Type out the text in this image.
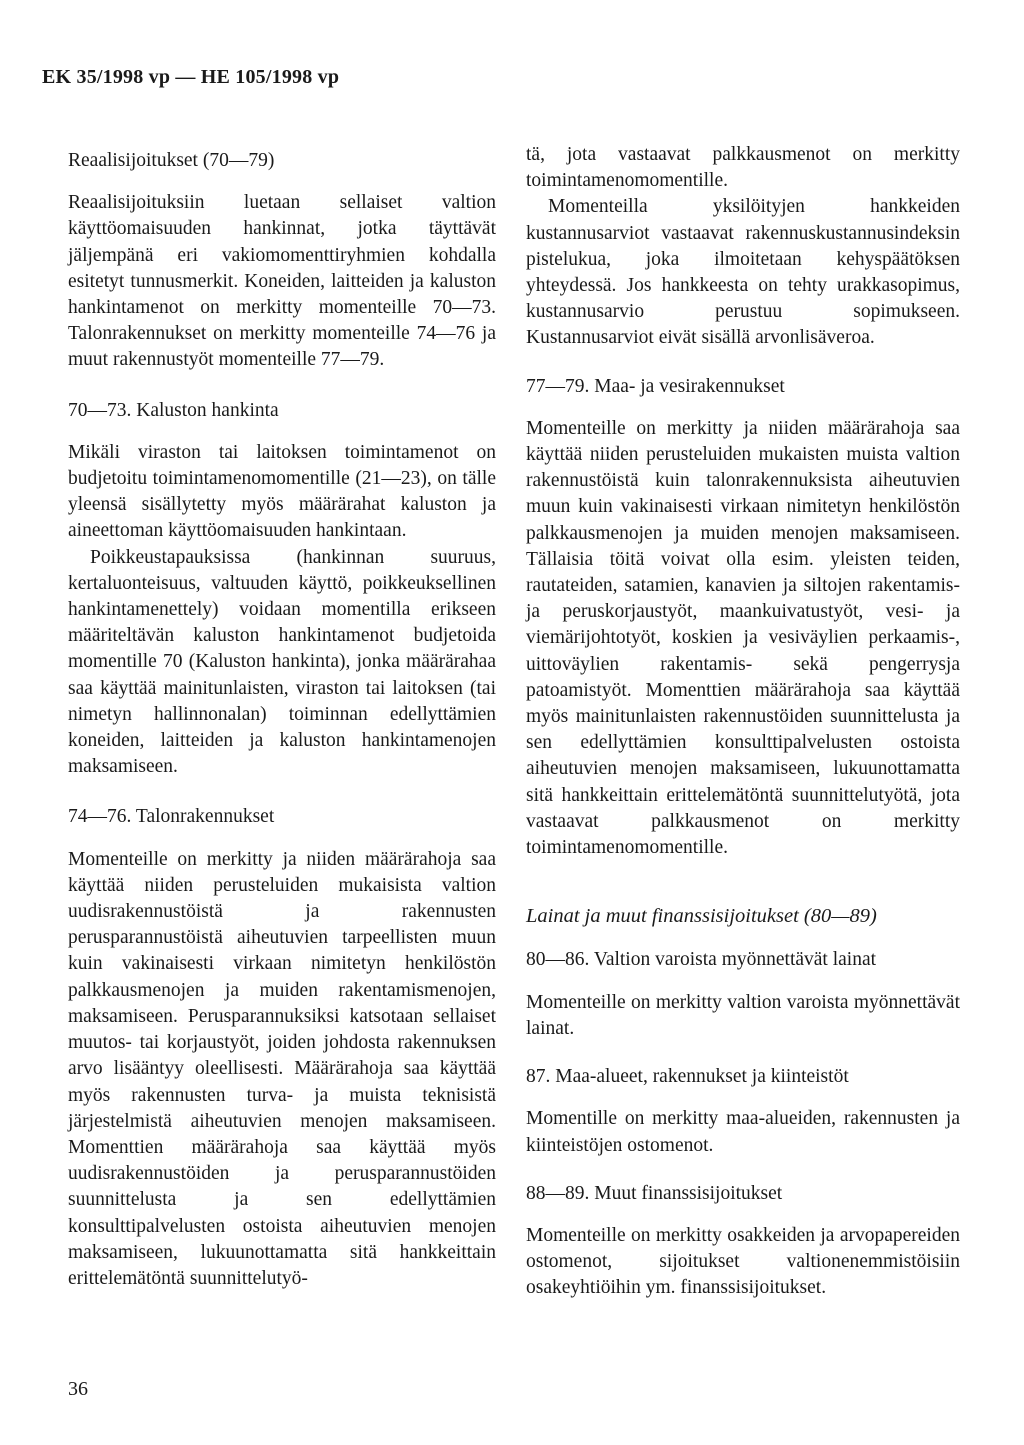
EK 35/1998 vp — HE 105/1998 vp
Reaalisijoitukset (70—79)

Reaalisijoituksiin luetaan sellaiset valtion käyttöomaisuuden hankinnat, jotka täyttävät jäljempänä eri vakiomomenttiryhmien kohdalla esitetyt tunnusmerkit. Koneiden, laitteiden ja kaluston hankintamenot on merkitty momenteille 70—73. Talonrakennukset on merkitty momenteille 74—76 ja muut rakennustyöt momenteille 77—79.

70—73. Kaluston hankinta

Mikäli viraston tai laitoksen toimintamenot on budjetoitu toimintamenomomentille (21—23), on tälle yleensä sisällytetty myös määrärahat kaluston ja aineettoman käyttöomaisuuden hankintaan.

Poikkeustapauksissa (hankinnan suuruus, kertaluonteisuus, valtuuden käyttö, poikkeuksellinen hankintamenettely) voidaan momentilla erikseen määriteltävän kaluston hankintamenot budjetoida momentille 70 (Kaluston hankinta), jonka määrärahaa saa käyttää mainitunlaisten, viraston tai laitoksen (tai nimetyn hallinnonalan) toiminnan edellyttämien koneiden, laitteiden ja kaluston hankintamenojen maksamiseen.

74—76. Talonrakennukset

Momenteille on merkitty ja niiden määrärahoja saa käyttää niiden perusteluiden mukaisista valtion uudisrakennustöistä ja rakennusten perusparannustöistä aiheutuvien tarpeellisten muun kuin vakinaisesti virkaan nimitetyn henkilöstön palkkausmenojen ja muiden rakentamismenojen, maksamiseen. Perusparannuksiksi katsotaan sellaiset muutos- tai korjaustyöt, joiden johdosta rakennuksen arvo lisääntyy oleellisesti. Määrärahoja saa käyttää myös rakennusten turva- ja muista teknisistä järjestelmistä aiheutuvien menojen maksamiseen. Momenttien määrärahoja saa käyttää myös uudisrakennustöiden ja perusparannustöiden suunnittelusta ja sen edellyttämien konsulttipalvelusten ostoista aiheutuvien menojen maksamiseen, lukuunottamatta sitä hankkeittain erittelemätöntä suunnittelutyö-

tä, jota vastaavat palkkausmenot on merkitty toimintamenomomentille.

Momenteilla yksilöityjen hankkeiden kustannusarviot vastaavat rakennuskustannusindeksin pistelukua, joka ilmoitetaan kehyspäätöksen yhteydessä. Jos hankkeesta on tehty urakkasopimus, kustannusarvio perustuu sopimukseen. Kustannusarviot eivät sisällä arvonlisäveroa.

77—79. Maa- ja vesirakennukset

Momenteille on merkitty ja niiden määrärahoja saa käyttää niiden perusteluiden mukaisten muista valtion rakennustöistä kuin talonrakennuksista aiheutuvien muun kuin vakinaisesti virkaan nimitetyn henkilöstön palkkausmenojen ja muiden menojen maksamiseen. Tällaisia töitä voivat olla esim. yleisten teiden, rautateiden, satamien, kanavien ja siltojen rakentamis- ja peruskorjaustyöt, maankuivatustyöt, vesi- ja viemärijohtotyöt, koskien ja vesiväylien perkaamis-, uittoväylien rakentamis- sekä pengerrysja patoamistyöt. Momenttien määrärahoja saa käyttää myös mainitunlaisten rakennustöiden suunnittelusta ja sen edellyttämien konsulttipalvelusten ostoista aiheutuvien menojen maksamiseen, lukuunottamatta sitä hankkeittain erittelemätöntä suunnittelutyötä, jota vastaavat palkkausmenot on merkitty toimintamenomomentille.

Lainat ja muut finanssisijoitukset (80—89)
80—86. Valtion varoista myönnettävät lainat

Momenteille on merkitty valtion varoista myönnettävät lainat.

87. Maa-alueet, rakennukset ja kiinteistöt

Momentille on merkitty maa-alueiden, rakennusten ja kiinteistöjen ostomenot.

88—89. Muut finanssisijoitukset

Momenteille on merkitty osakkeiden ja arvopapereiden ostomenot, sijoitukset valtionenemmistöisiin osakeyhtiöihin ym. finanssisijoitukset.

36
